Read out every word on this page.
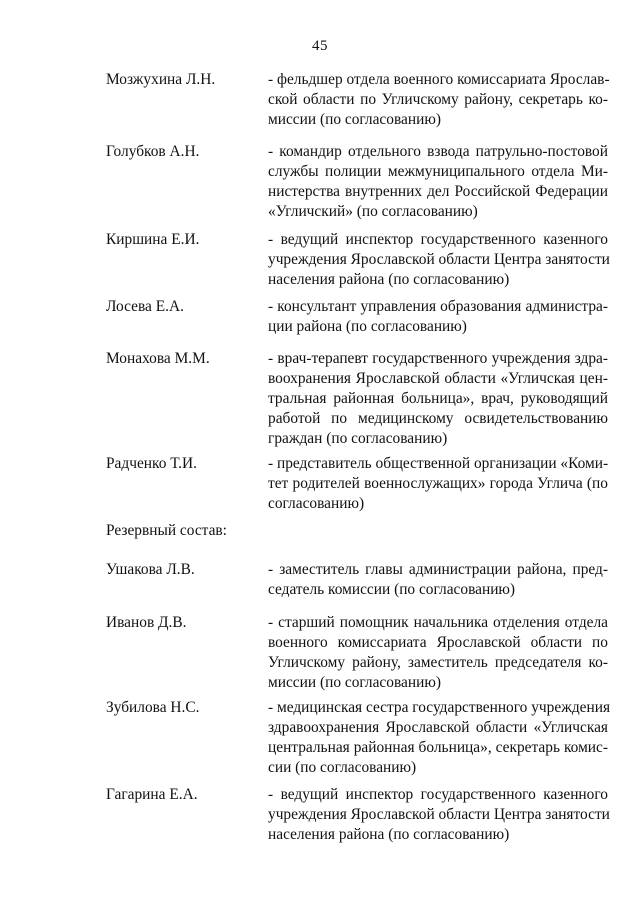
45
Мозжухина Л.Н.	- фельдшер отдела военного комиссариата Ярослав-
ской области по Угличскому району, секретарь ко-
миссии (по согласованию)
Голубков А.Н.	- командир отдельного взвода патрульно-постовой
службы полиции межмуниципального отдела Ми-
нистерства внутренних дел Российской Федерации
«Угличский» (по согласованию)
Киршина Е.И.	- ведущий инспектор государственного казенного
учреждения Ярославской области Центра занятости
населения района (по согласованию)
Лосева Е.А.	- консультант управления образования администра-
ции района (по согласованию)
Монахова М.М.	- врач-терапевт государственного учреждения здра-
воохранения Ярославской области «Угличская цен-
тральная районная больница», врач, руководящий
работой по медицинскому освидетельствованию
граждан (по согласованию)
Радченко Т.И.	- представитель общественной организации «Коми-
тет родителей военнослужащих» города Углича (по
согласованию)
Резервный состав:
Ушакова Л.В.	- заместитель главы администрации района, пред-
седатель комиссии (по согласованию)
Иванов Д.В.	- старший помощник начальника отделения отдела
военного комиссариата Ярославской области по
Угличскому району, заместитель председателя ко-
миссии (по согласованию)
Зубилова Н.С.	- медицинская сестра государственного учреждения
здравоохранения Ярославской области «Угличская
центральная районная больница», секретарь комис-
сии (по согласованию)
Гагарина Е.А.	- ведущий инспектор государственного казенного
учреждения Ярославской области Центра занятости
населения района (по согласованию)
